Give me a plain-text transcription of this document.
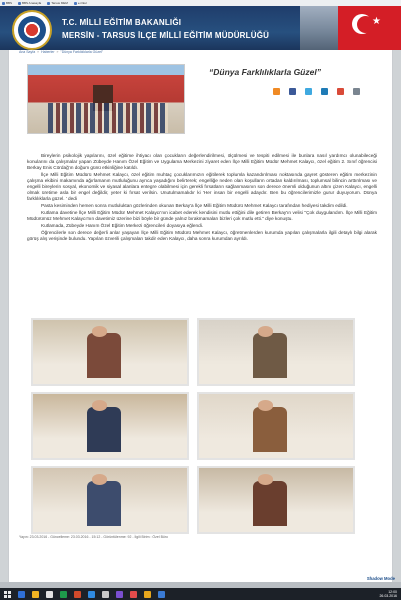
BBS	BBS Anasayfa	Tarsus MEM	e-Okul
T.C. MİLLİ EĞİTİM BAKANLIĞI
MERSİN - TARSUS İLÇE MİLLİ EĞİTİM MÜDÜRLÜĞÜ
★
Ana Sayfa » Haberler » "Dünya Farklılıklarla Güzel"
“Dünya Farklılıklarla Güzel”

Bireylerin psikolojik yapılarını, özel eğitime ihtiyacı olan çocukların değerlendirilmesi, ölçülmesi ve tespiti edilmesi ile bunlara nasıl yardımcı olunabileceği konularını da çalışmalar yapan Zübeyde Hanım Özel Eğitim ve Uygulama Merkezini ziyaret eden İlçe Milli Eğitim Müdür Mehmet Kalaycı, özel eğitim 2. Sınıf öğrencisi Berkay Enis Cördağ'ın doğum günü etkinliğine katıldı.

İlçe Milli Eğitim Müdürü Mehmet Kalaycı, özel eğitim muhtaç çocuklarımızın eğitilerek toplumla kazandırılması noktasında gayret gösteren eğitim merkezinin çalışma ekibini makamında ağırlamanın mutluluğunu ayrıca yaşadığını belirterek; engelliğe neden olan koşulların ortadan kaldırılması, toplumsal bilincin arttırılması ve engelli bireylerin sosyal, ekonomik ve siyasal alanlara entegre olabilmesi için gerekli fırsatların sağlanmasının son derece önemli olduğunun altını çizen Kalaycı, engelli olmak üretime asla bir engel değildir, yeter ki fırsat verilsin. Unutulmamalıdır ki 'Her insan bir engelli adaydır. Ben bu öğrencilerimizle gurur duyuyorum. Dünya farklılıklarla güzel. ' dedi

Pasta kesiminden hemen sonra mutluluktan gözlerinden okunan Berkay'a İlçe Milli Eğitim Müdürü Mehmet Kalaycı tarafından hediyesi takdim edildi.

Kutlama davetine İlçe Milli Eğitim Müdür Mehmet Kalaycı'nın icabet ederek kendisini mutlu ettiğini dile getiren Berkay'ın velisi "Çok duygulandım. İlçe Milli Eğitim Müdürümüz Mehmet Kalaycı'nın davetimiz üzerine bizi böyle bir günde yalnız bırakmamaları bizleri çok mutlu etti." diye konuştu.

Kutlamada, Zübeyde Hanım Özel Eğitim Merkezi öğrencileri doyasıya eğlendi.

Öğrencilerle son derece değerli anlar yaşayan İlçe Milli Eğitim Müdürü Mehmet Kalaycı, öğretmenlerden kurumda yapılan çalışmalarla ilgili detaylı bilgi alarak görüş alış verişinde bulundu. Yapılan özverili çalışmaları takdir eden Kalaycı, daha sonra kurumdan ayrıldı.

Yayın: 23.03.2016 - Güncelleme: 23.03.2016 - 15:12 - Görüntülenme: 92 - İlgili Birim : Özel Büro
Shadow Mode
12:00
26.03.2016
